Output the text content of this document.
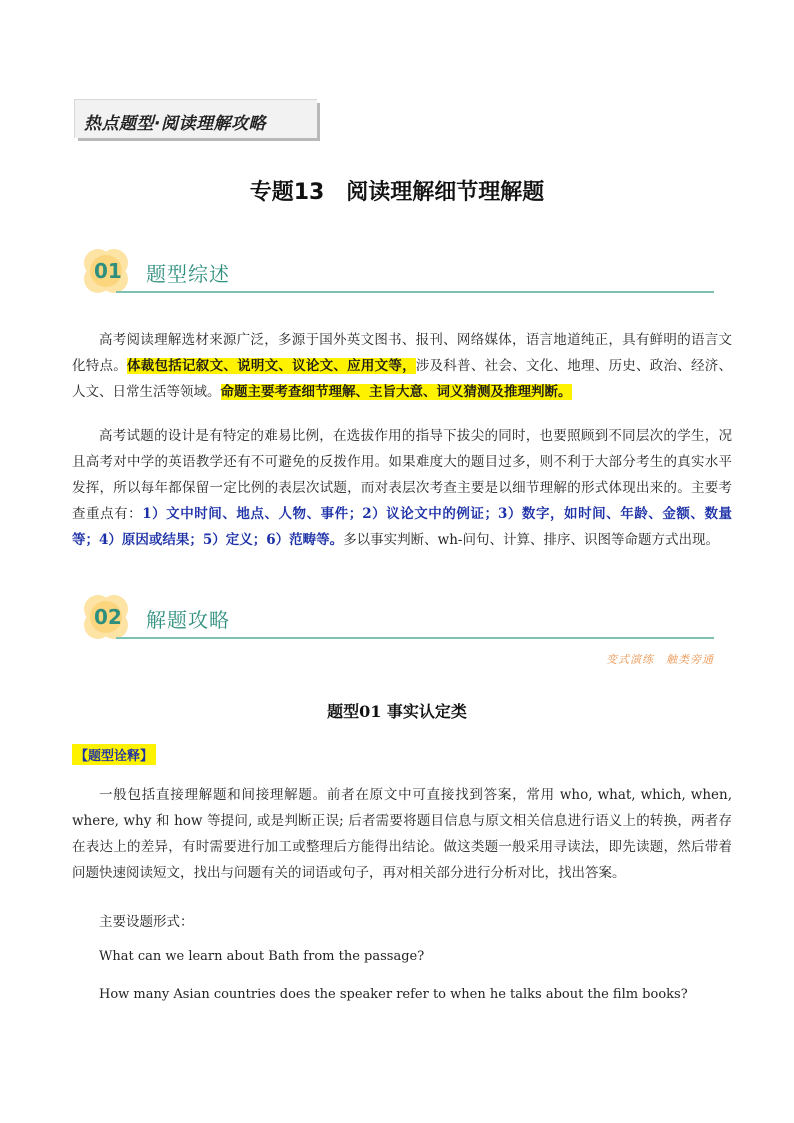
热点题型·阅读理解攻略
专题13　阅读理解细节理解题
01 题型综述
高考阅读理解选材来源广泛，多源于国外英文图书、报刊、网络媒体，语言地道纯正，具有鲜明的语言文化特点。体裁包括记叙文、说明文、议论文、应用文等，涉及科普、社会、文化、地理、历史、政治、经济、人文、日常生活等领域。命题主要考查细节理解、主旨大意、词义猜测及推理判断。
高考试题的设计是有特定的难易比例，在选拔作用的指导下拔尖的同时，也要照顾到不同层次的学生，况且高考对中学的英语教学还有不可避免的反拨作用。如果难度大的题目过多，则不利于大部分考生的真实水平发挥，所以每年都保留一定比例的表层次试题，而对表层次考查主要是以细节理解的形式体现出来的。主要考查重点有：1）文中时间、地点、人物、事件；2）议论文中的例证；3）数字，如时间、年龄、金额、数量等；4）原因或结果；5）定义；6）范畴等。多以事实判断、wh-问句、计算、排序、识图等命题方式出现。
02 解题攻略
变式演练　触类旁通
题型01 事实认定类
【题型诠释】
一般包括直接理解题和间接理解题。前者在原文中可直接找到答案，常用 who, what, which, when, where, why 和 how 等提问, 或是判断正误; 后者需要将题目信息与原文相关信息进行语义上的转换，两者存在表达上的差异，有时需要进行加工或整理后方能得出结论。做这类题一般采用寻读法，即先读题，然后带着问题快速阅读短文，找出与问题有关的词语或句子，再对相关部分进行分析对比，找出答案。
主要设题形式：
What can we learn about Bath from the passage?
How many Asian countries does the speaker refer to when he talks about the film books?
